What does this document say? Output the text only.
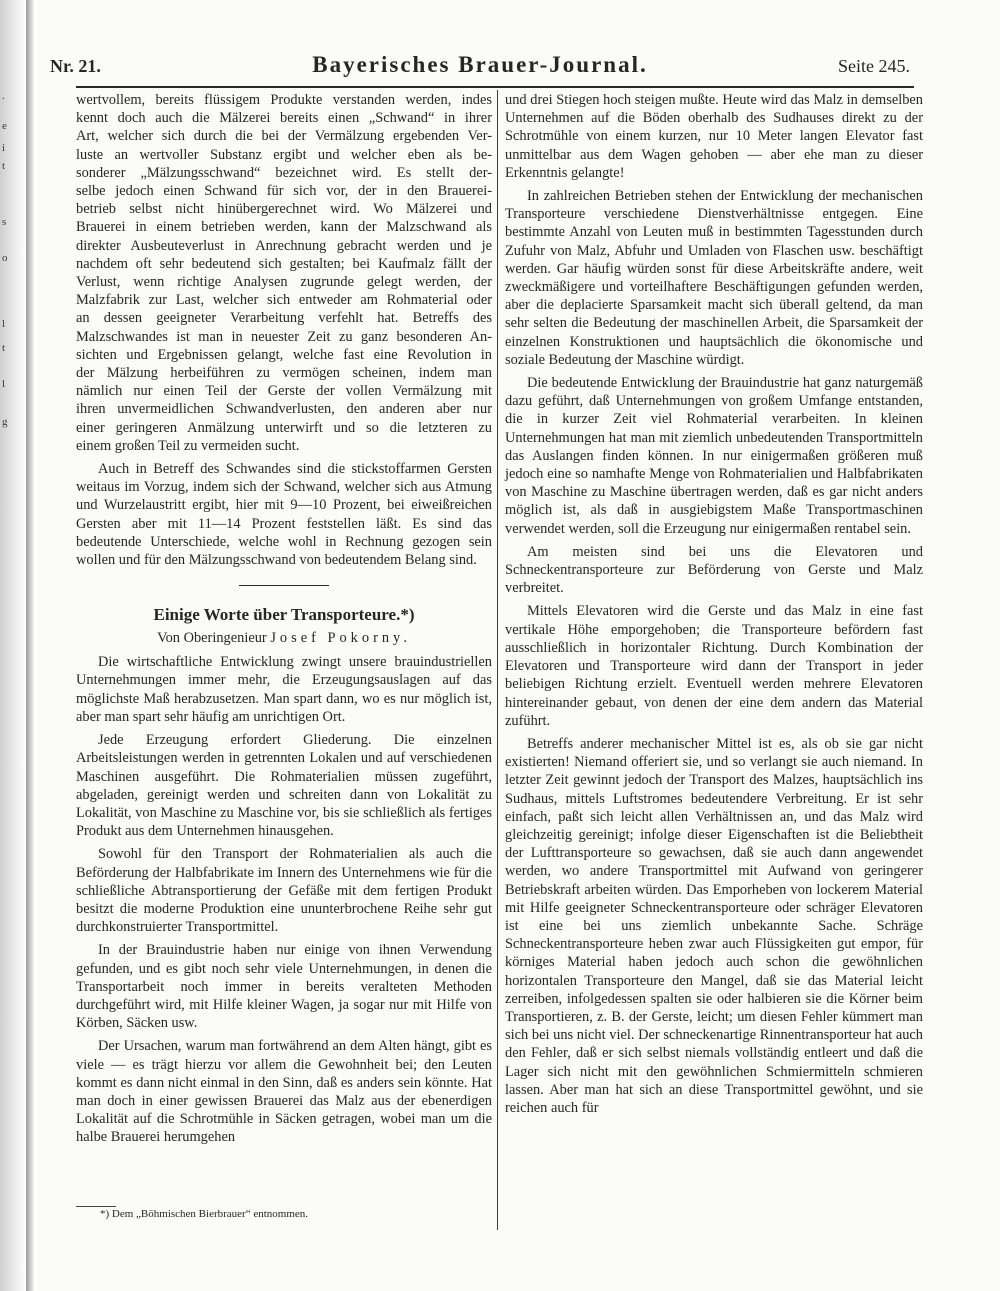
.
e
i
t
s
o
l
t
l
g
Nr. 21.	Bayerisches Brauer-Journal.	Seite 245.
wertvollem, bereits flüssigem Produkte verstanden werden, indes
kennt doch auch die Mälzerei bereits einen „Schwand“ in ihrer
Art, welcher sich durch die bei der Vermälzung ergebenden Ver-
luste an wertvoller Substanz ergibt und welcher eben als be-
sonderer „Mälzungsschwand“ bezeichnet wird. Es stellt der-
selbe jedoch einen Schwand für sich vor, der in den Brauerei-
betrieb selbst nicht hinübergerechnet wird. Wo Mälzerei und
Brauerei in einem betrieben werden, kann der Malzschwand als
direkter Ausbeuteverlust in Anrechnung gebracht werden und je
nachdem oft sehr bedeutend sich gestalten; bei Kaufmalz fällt der
Verlust, wenn richtige Analysen zugrunde gelegt werden, der
Malzfabrik zur Last, welcher sich entweder am Rohmaterial oder
an dessen geeigneter Verarbeitung verfehlt hat. Betreffs des
Malzschwandes ist man in neuester Zeit zu ganz besonderen An-
sichten und Ergebnissen gelangt, welche fast eine Revolution in
der Mälzung herbeiführen zu vermögen scheinen, indem man
nämlich nur einen Teil der Gerste der vollen Vermälzung mit
ihren unvermeidlichen Schwandverlusten, den anderen aber nur
einer geringeren Anmälzung unterwirft und so die letzteren zu
einem großen Teil zu vermeiden sucht.

Auch in Betreff des Schwandes sind die stickstoffarmen Gersten weitaus im Vorzug, indem sich der Schwand, welcher sich aus Atmung und Wurzelaustritt ergibt, hier mit 9—10 Prozent, bei eiweißreichen Gersten aber mit 11—14 Prozent feststellen läßt. Es sind das bedeutende Unterschiede, welche wohl in Rechnung gezogen sein wollen und für den Mälzungsschwand von bedeutendem Belang sind.

Einige Worte über Transporteure.*)
Von Oberingenieur Josef Pokorny.

Die wirtschaftliche Entwicklung zwingt unsere brauindustriellen Unternehmungen immer mehr, die Erzeugungsauslagen auf das möglichste Maß herabzusetzen. Man spart dann, wo es nur möglich ist, aber man spart sehr häufig am unrichtigen Ort.

Jede Erzeugung erfordert Gliederung. Die einzelnen Arbeitsleistungen werden in getrennten Lokalen und auf verschiedenen Maschinen ausgeführt. Die Rohmaterialien müssen zugeführt, abgeladen, gereinigt werden und schreiten dann von Lokalität zu Lokalität, von Maschine zu Maschine vor, bis sie schließlich als fertiges Produkt aus dem Unternehmen hinausgehen.

Sowohl für den Transport der Rohmaterialien als auch die Beförderung der Halbfabrikate im Innern des Unternehmens wie für die schließliche Abtransportierung der Gefäße mit dem fertigen Produkt besitzt die moderne Produktion eine ununterbrochene Reihe sehr gut durchkonstruierter Transportmittel.

In der Brauindustrie haben nur einige von ihnen Verwendung gefunden, und es gibt noch sehr viele Unternehmungen, in denen die Transportarbeit noch immer in bereits veralteten Methoden durchgeführt wird, mit Hilfe kleiner Wagen, ja sogar nur mit Hilfe von Körben, Säcken usw.

Der Ursachen, warum man fortwährend an dem Alten hängt, gibt es viele — es trägt hierzu vor allem die Gewohnheit bei; den Leuten kommt es dann nicht einmal in den Sinn, daß es anders sein könnte. Hat man doch in einer gewissen Brauerei das Malz aus der ebenerdigen Lokalität auf die Schrotmühle in Säcken getragen, wobei man um die halbe Brauerei herumgehen

*) Dem „Böhmischen Bierbrauer“ entnommen.

und drei Stiegen hoch steigen mußte. Heute wird das Malz in demselben Unternehmen auf die Böden oberhalb des Sudhauses direkt zu der Schrotmühle von einem kurzen, nur 10 Meter langen Elevator fast unmittelbar aus dem Wagen gehoben — aber ehe man zu dieser Erkenntnis gelangte!

In zahlreichen Betrieben stehen der Entwicklung der mechanischen Transporteure verschiedene Dienstverhältnisse entgegen. Eine bestimmte Anzahl von Leuten muß in bestimmten Tagesstunden durch Zufuhr von Malz, Abfuhr und Umladen von Flaschen usw. beschäftigt werden. Gar häufig würden sonst für diese Arbeitskräfte andere, weit zweckmäßigere und vorteilhaftere Beschäftigungen gefunden werden, aber die deplacierte Sparsamkeit macht sich überall geltend, da man sehr selten die Bedeutung der maschinellen Arbeit, die Sparsamkeit der einzelnen Konstruktionen und hauptsächlich die ökonomische und soziale Bedeutung der Maschine würdigt.

Die bedeutende Entwicklung der Brauindustrie hat ganz naturgemäß dazu geführt, daß Unternehmungen von großem Umfange entstanden, die in kurzer Zeit viel Rohmaterial verarbeiten. In kleinen Unternehmungen hat man mit ziemlich unbedeutenden Transportmitteln das Auslangen finden können. In nur einigermaßen größeren muß jedoch eine so namhafte Menge von Rohmaterialien und Halbfabrikaten von Maschine zu Maschine übertragen werden, daß es gar nicht anders möglich ist, als daß in ausgiebigstem Maße Transportmaschinen verwendet werden, soll die Erzeugung nur einigermaßen rentabel sein.

Am meisten sind bei uns die Elevatoren und Schneckentransporteure zur Beförderung von Gerste und Malz verbreitet.

Mittels Elevatoren wird die Gerste und das Malz in eine fast vertikale Höhe emporgehoben; die Transporteure befördern fast ausschließlich in horizontaler Richtung. Durch Kombination der Elevatoren und Transporteure wird dann der Transport in jeder beliebigen Richtung erzielt. Eventuell werden mehrere Elevatoren hintereinander gebaut, von denen der eine dem andern das Material zuführt.

Betreffs anderer mechanischer Mittel ist es, als ob sie gar nicht existierten! Niemand offeriert sie, und so verlangt sie auch niemand. In letzter Zeit gewinnt jedoch der Transport des Malzes, hauptsächlich ins Sudhaus, mittels Luftstromes bedeutendere Verbreitung. Er ist sehr einfach, paßt sich leicht allen Verhältnissen an, und das Malz wird gleichzeitig gereinigt; infolge dieser Eigenschaften ist die Beliebtheit der Lufttransporteure so gewachsen, daß sie auch dann angewendet werden, wo andere Transportmittel mit Aufwand von geringerer Betriebskraft arbeiten würden. Das Emporheben von lockerem Material mit Hilfe geeigneter Schneckentransporteure oder schräger Elevatoren ist eine bei uns ziemlich unbekannte Sache. Schräge Schneckentransporteure heben zwar auch Flüssigkeiten gut empor, für körniges Material haben jedoch auch schon die gewöhnlichen horizontalen Transporteure den Mangel, daß sie das Material leicht zerreiben, infolgedessen spalten sie oder halbieren sie die Körner beim Transportieren, z. B. der Gerste, leicht; um diesen Fehler kümmert man sich bei uns nicht viel. Der schneckenartige Rinnentransporteur hat auch den Fehler, daß er sich selbst niemals vollständig entleert und daß die Lager sich nicht mit den gewöhnlichen Schmiermitteln schmieren lassen. Aber man hat sich an diese Transportmittel gewöhnt, und sie reichen auch für
